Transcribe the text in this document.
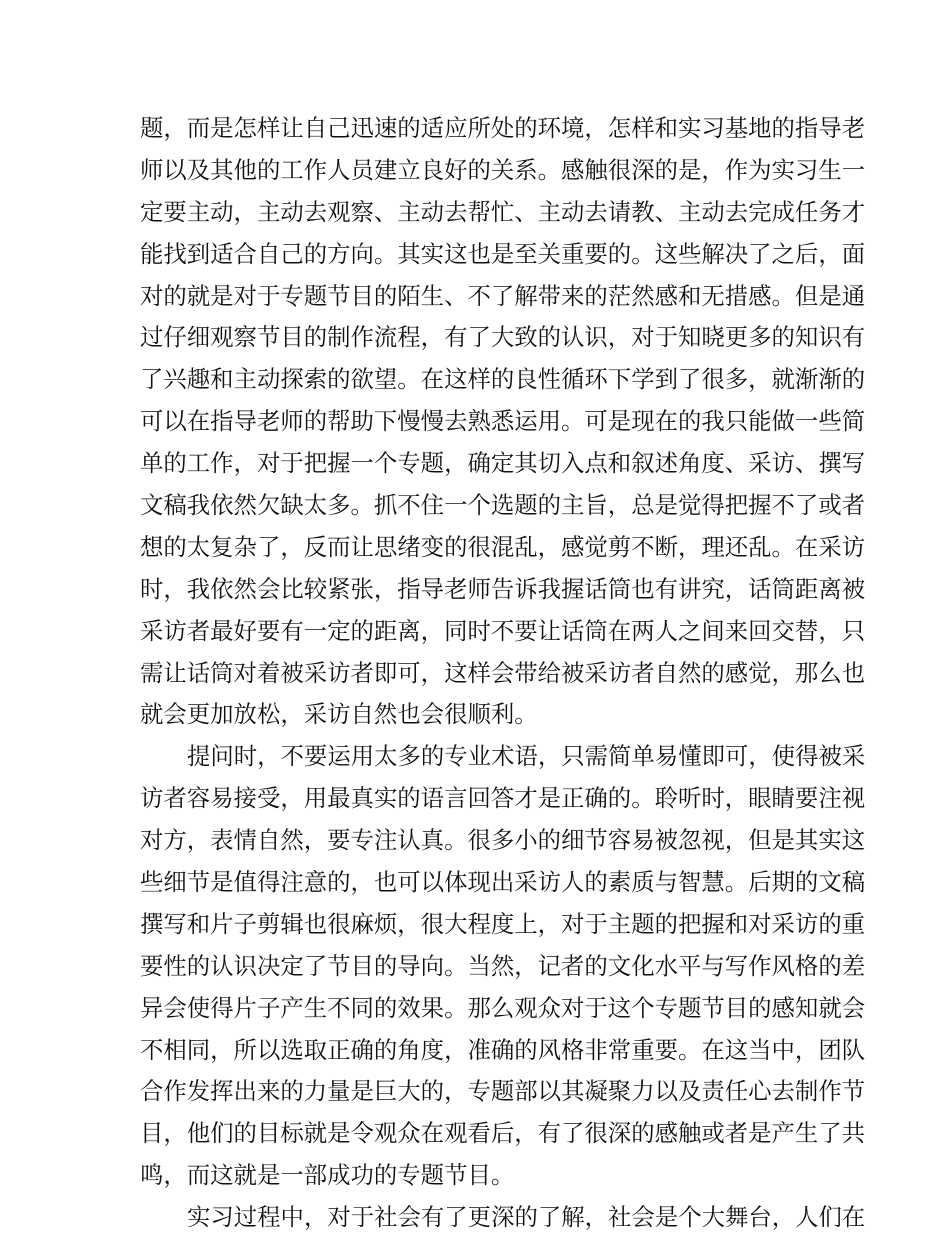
题，而是怎样让自己迅速的适应所处的环境，怎样和实习基地的指导老
师以及其他的工作人员建立良好的关系。感触很深的是，作为实习生一
定要主动，主动去观察、主动去帮忙、主动去请教、主动去完成任务才
能找到适合自己的方向。其实这也是至关重要的。这些解决了之后，面
对的就是对于专题节目的陌生、不了解带来的茫然感和无措感。但是通
过仔细观察节目的制作流程，有了大致的认识，对于知晓更多的知识有
了兴趣和主动探索的欲望。在这样的良性循环下学到了很多，就渐渐的
可以在指导老师的帮助下慢慢去熟悉运用。可是现在的我只能做一些简
单的工作，对于把握一个专题，确定其切入点和叙述角度、采访、撰写
文稿我依然欠缺太多。抓不住一个选题的主旨，总是觉得把握不了或者
想的太复杂了，反而让思绪变的很混乱，感觉剪不断，理还乱。在采访
时，我依然会比较紧张，指导老师告诉我握话筒也有讲究，话筒距离被
采访者最好要有一定的距离，同时不要让话筒在两人之间来回交替，只
需让话筒对着被采访者即可，这样会带给被采访者自然的感觉，那么也
就会更加放松，采访自然也会很顺利。
提问时，不要运用太多的专业术语，只需简单易懂即可，使得被采
访者容易接受，用最真实的语言回答才是正确的。聆听时，眼睛要注视
对方，表情自然，要专注认真。很多小的细节容易被忽视，但是其实这
些细节是值得注意的，也可以体现出采访人的素质与智慧。后期的文稿
撰写和片子剪辑也很麻烦，很大程度上，对于主题的把握和对采访的重
要性的认识决定了节目的导向。当然，记者的文化水平与写作风格的差
异会使得片子产生不同的效果。那么观众对于这个专题节目的感知就会
不相同，所以选取正确的角度，准确的风格非常重要。在这当中，团队
合作发挥出来的力量是巨大的，专题部以其凝聚力以及责任心去制作节
目，他们的目标就是令观众在观看后，有了很深的感触或者是产生了共
鸣，而这就是一部成功的专题节目。
实习过程中，对于社会有了更深的了解，社会是个大舞台，人们在
